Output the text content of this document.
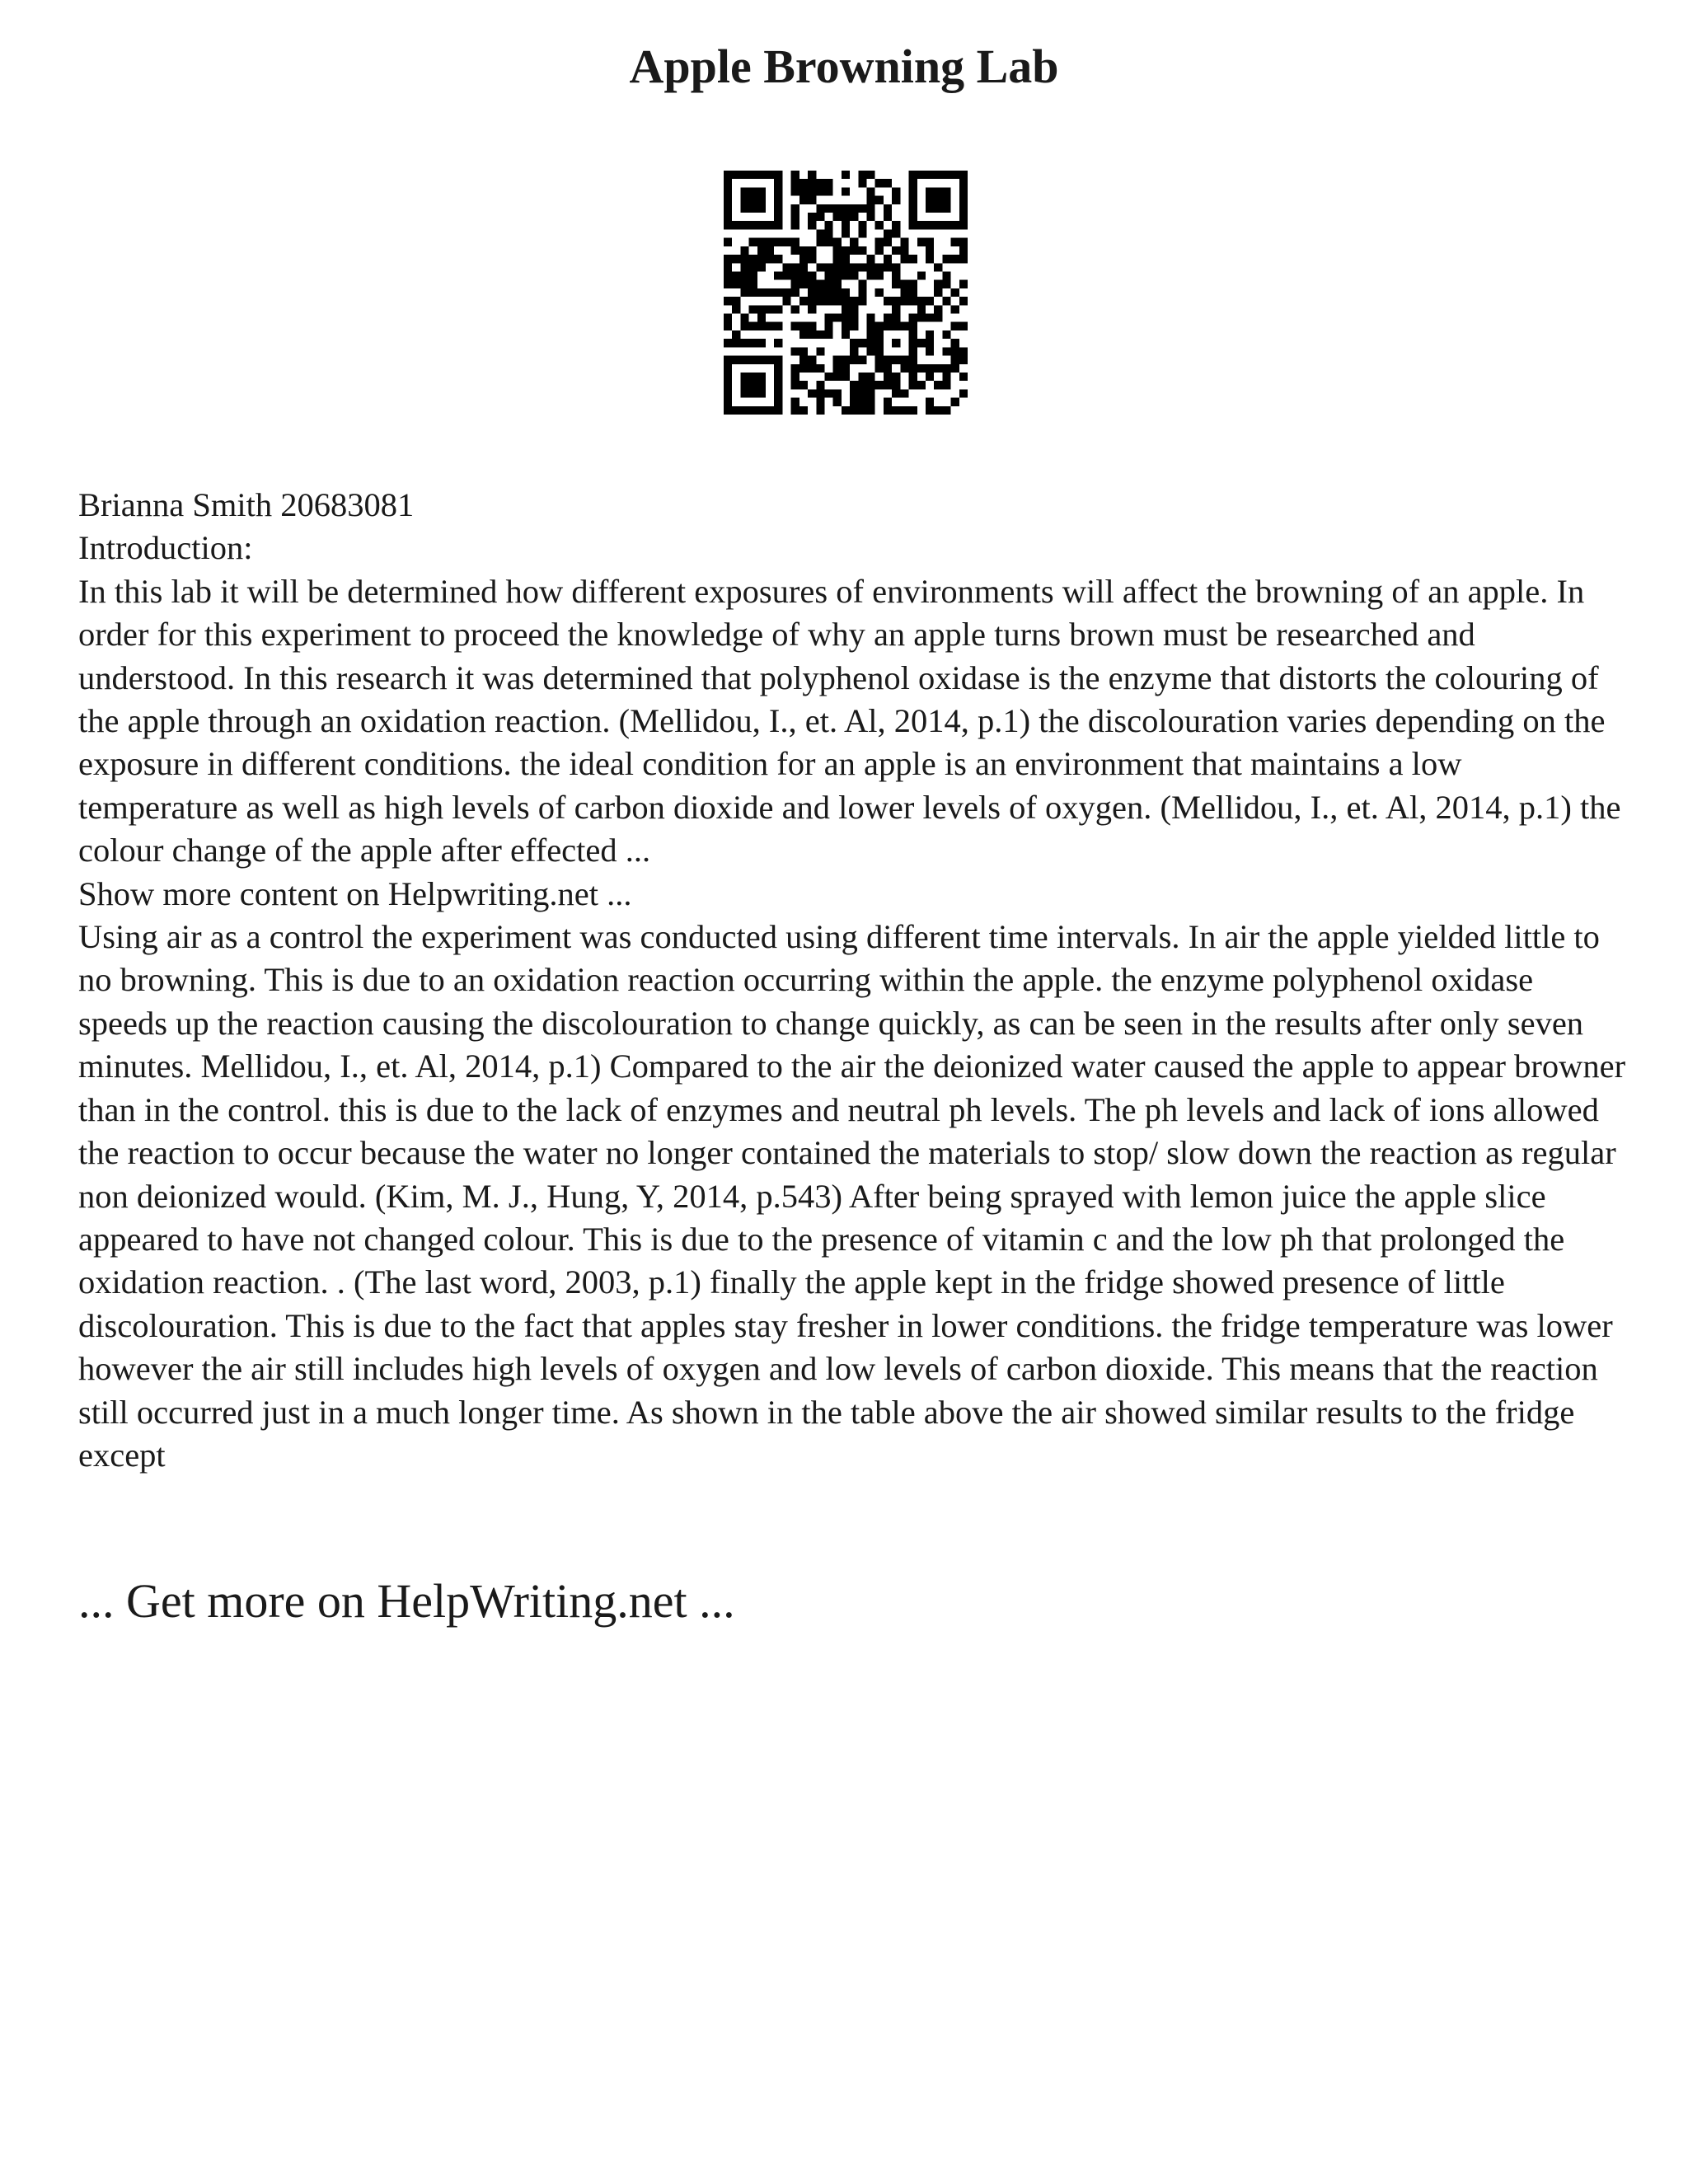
Apple Browning Lab

Brianna Smith 20683081

Introduction:

In this lab it will be determined how different exposures of environments will affect the browning of an apple. In order for this experiment to proceed the knowledge of why an apple turns brown must be researched and understood. In this research it was determined that polyphenol oxidase is the enzyme that distorts the colouring of the apple through an oxidation reaction. (Mellidou, I., et. Al, 2014, p.1) the discolouration varies depending on the exposure in different conditions. the ideal condition for an apple is an environment that maintains a low temperature as well as high levels of carbon dioxide and lower levels of oxygen. (Mellidou, I., et. Al, 2014, p.1) the colour change of the apple after effected ...

Show more content on Helpwriting.net ...

Using air as a control the experiment was conducted using different time intervals. In air the apple yielded little to no browning. This is due to an oxidation reaction occurring within the apple. the enzyme polyphenol oxidase speeds up the reaction causing the discolouration to change quickly, as can be seen in the results after only seven minutes. Mellidou, I., et. Al, 2014, p.1) Compared to the air the deionized water caused the apple to appear browner than in the control. this is due to the lack of enzymes and neutral ph levels. The ph levels and lack of ions allowed the reaction to occur because the water no longer contained the materials to stop/ slow down the reaction as regular non deionized would. (Kim, M. J., Hung, Y, 2014, p.543) After being sprayed with lemon juice the apple slice appeared to have not changed colour. This is due to the presence of vitamin c and the low ph that prolonged the oxidation reaction. . (The last word, 2003, p.1) finally the apple kept in the fridge showed presence of little discolouration. This is due to the fact that apples stay fresher in lower conditions. the fridge temperature was lower however the air still includes high levels of oxygen and low levels of carbon dioxide. This means that the reaction still occurred just in a much longer time. As shown in the table above the air showed similar results to the fridge except

... Get more on HelpWriting.net ...
